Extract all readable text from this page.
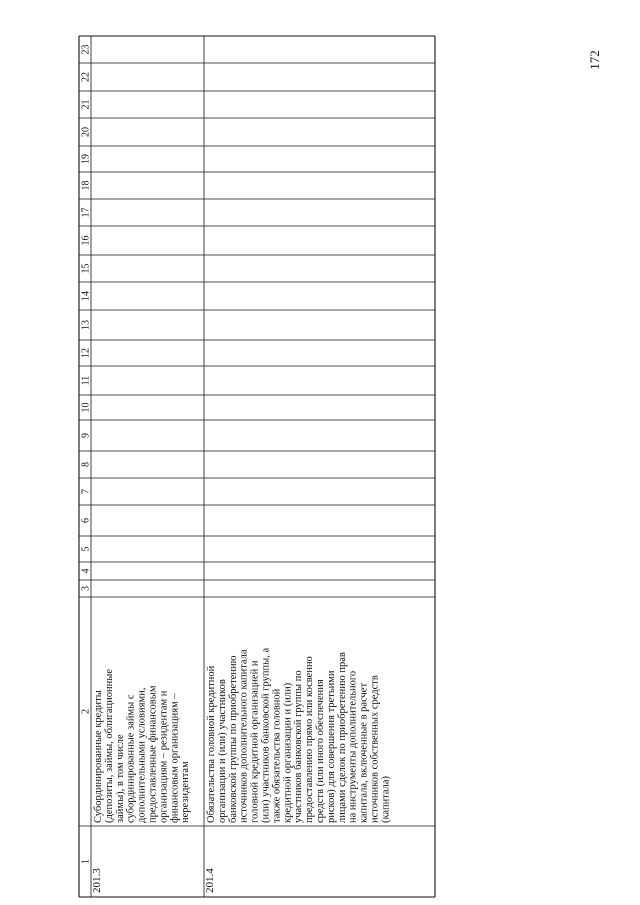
172
1
2
3
4
5
6
7
8
9
10
11
12
13
14
15
16
17
18
19
20
21
22
23
201.3
Субординированные кредиты (депозиты, займы, облигационные займы), в том числе субординированные займы с дополнительными условиями, предоставленные финансовым организациям – резидентам и финансовым организациям – нерезидентам
201.4
Обязательства головной кредитной организации и (или) участников банковской группы по приобретению источников дополнительного капитала головной кредитной организацией и (или) участников банковской группы, а также обязательства головной кредитной организации и (или) участников банковской группы по предоставлению прямо или косвенно средств (или иного обеспечения рисков) для совершения третьими лицами сделок по приобретению прав на инструменты дополнительного капитала, включенные в расчет источников собственных средств (капитала)
